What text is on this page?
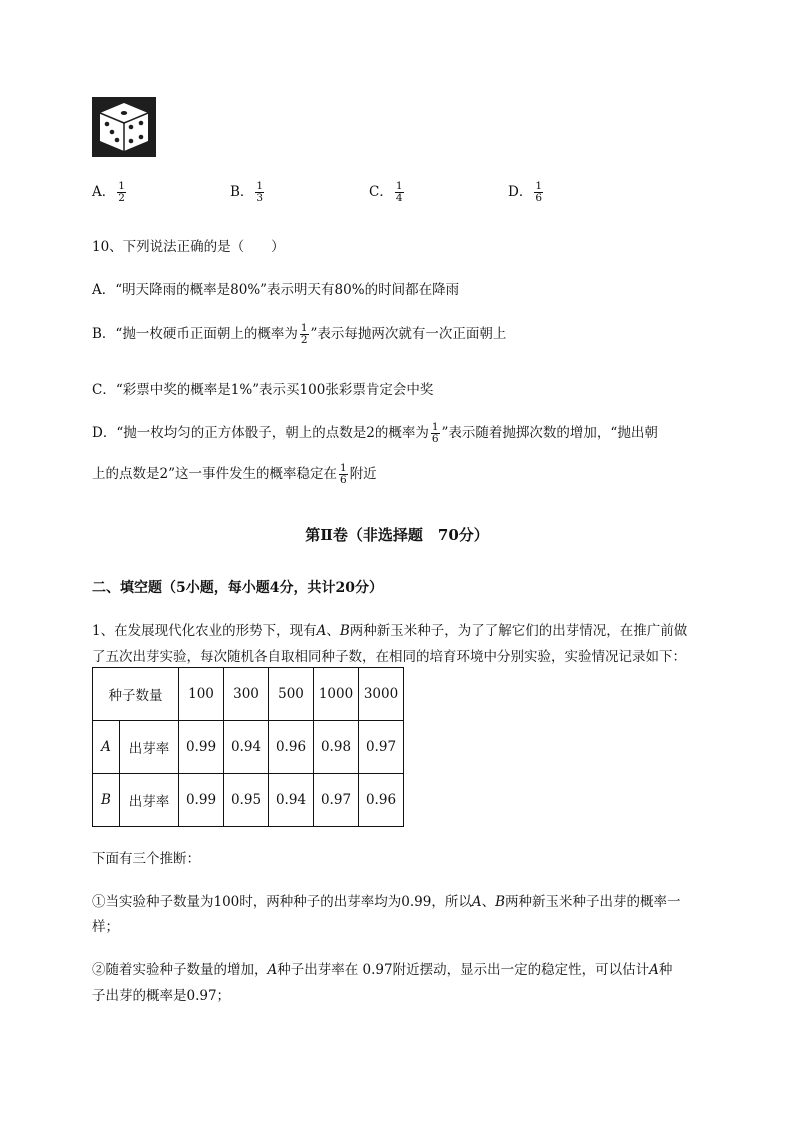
A． $\frac{1}{2}$	B． $\frac{1}{3}$	C． $\frac{1}{4}$	D． $\frac{1}{6}$
10、下列说法正确的是（　　）
A．“明天降雨的概率是80%”表示明天有80%的时间都在降雨
B．“抛一枚硬币正面朝上的概率为 $\frac{1}{2}$ ”表示每抛两次就有一次正面朝上
C．“彩票中奖的概率是1%”表示买100张彩票肯定会中奖
D．“抛一枚均匀的正方体骰子，朝上的点数是2的概率为 $\frac{1}{6}$ ”表示随着抛掷次数的增加，“抛出朝
上的点数是2”这一事件发生的概率稳定在 $\frac{1}{6}$ 附近
第Ⅱ卷（非选择题　70分）
二、填空题（5小题，每小题4分，共计20分）
1、在发展现代化农业的形势下，现有A、B两种新玉米种子，为了了解它们的出芽情况，在推广前做
了五次出芽实验，每次随机各自取相同种子数，在相同的培育环境中分别实验，实验情况记录如下：
种子数量		100	300	500	1000	3000
A	出芽率	0.99	0.94	0.96	0.98	0.97
B	出芽率	0.99	0.95	0.94	0.97	0.96
下面有三个推断：
①当实验种子数量为100时，两种种子的出芽率均为0.99，所以A、B两种新玉米种子出芽的概率一
样；
②随着实验种子数量的增加，A种子出芽率在 0.97附近摆动，显示出一定的稳定性，可以估计A种
子出芽的概率是0.97；
